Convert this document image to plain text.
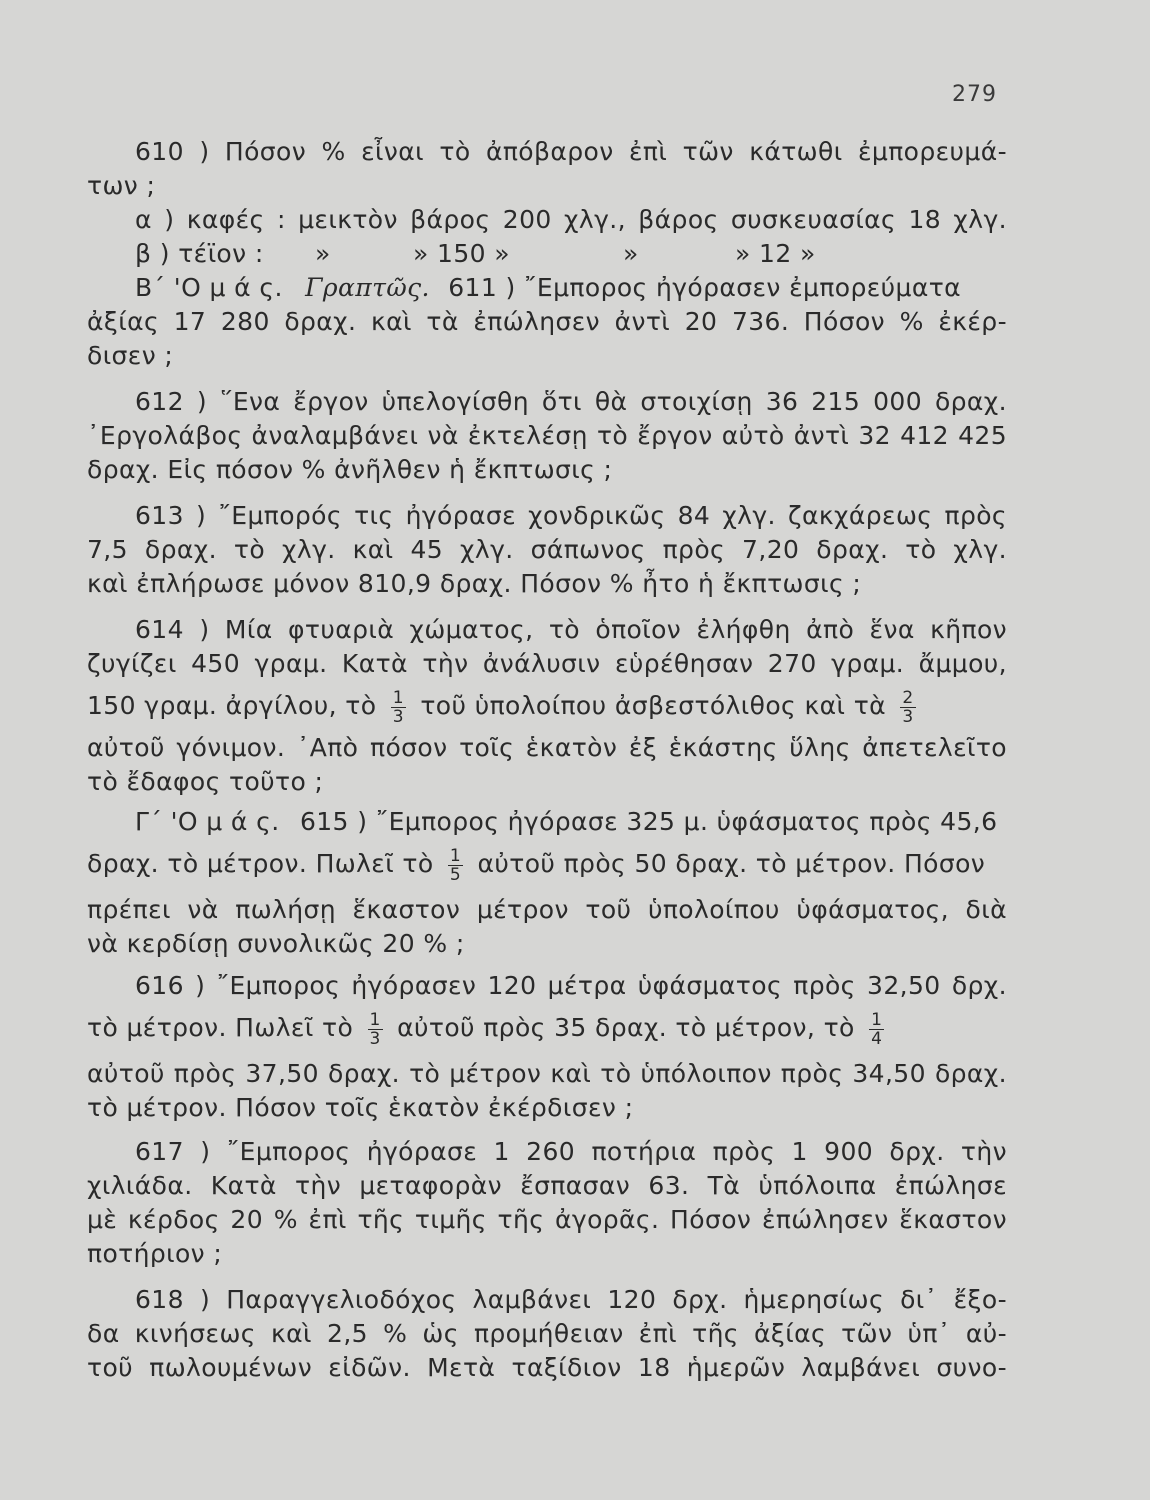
279
610 ) Πόσον % εἶναι τὸ ἀπόβαρον ἐπὶ τῶν κάτωθι ἐμπορευμά-
των ;
α ) καφές : μεικτὸν βάρος 200 χλγ., βάρος συσκευασίας 18 χλγ.
β ) τέϊον : »	» 150 »	»	» 12 »
Β΄ 'Ο μ ά ς. Γραπτῶς. 611 ) ῎Εμπορος ἠγόρασεν ἐμπορεύματα
ἀξίας 17 280 δραχ. καὶ τὰ ἐπώλησεν ἀντὶ 20 736. Πόσον % ἐκέρ-
δισεν ;
612 ) ῞Ενα ἔργον ὑπελογίσθη ὅτι θὰ στοιχίσῃ 36 215 000 δραχ.
᾽Εργολάβος ἀναλαμβάνει νὰ ἐκτελέσῃ τὸ ἔργον αὐτὸ ἀντὶ 32 412 425
δραχ. Εἰς πόσον % ἀνῆλθεν ἡ ἔκπτωσις ;
613 ) ῎Εμπορός τις ἠγόρασε χονδρικῶς 84 χλγ. ζακχάρεως πρὸς
7,5 δραχ. τὸ χλγ. καὶ 45 χλγ. σάπωνος πρὸς 7,20 δραχ. τὸ χλγ.
καὶ ἐπλήρωσε μόνον 810,9 δραχ. Πόσον % ἦτο ἡ ἔκπτωσις ;
614 ) Μία φτυαριὰ χώματος, τὸ ὁποῖον ἐλήφθη ἀπὸ ἕνα κῆπον
ζυγίζει 450 γραμ. Κατὰ τὴν ἀνάλυσιν εὑρέθησαν 270 γραμ. ἄμμου,
150 γραμ. ἀργίλου, τὸ $\frac{1}{3}$ τοῦ ὑπολοίπου ἀσβεστόλιθος καὶ τὰ $\frac{2}{3}$
αὐτοῦ γόνιμον. ᾽Απὸ πόσον τοῖς ἑκατὸν ἐξ ἑκάστης ὕλης ἀπετελεῖτο
τὸ ἔδαφος τοῦτο ;
Γ΄ 'Ο μ ά ς. 615 ) ῎Εμπορος ἠγόρασε 325 μ. ὑφάσματος πρὸς 45,6
δραχ. τὸ μέτρον. Πωλεῖ τὸ $\frac{1}{5}$ αὐτοῦ πρὸς 50 δραχ. τὸ μέτρον. Πόσον
πρέπει νὰ πωλήσῃ ἕκαστον μέτρον τοῦ ὑπολοίπου ὑφάσματος, διὰ
νὰ κερδίσῃ συνολικῶς 20 % ;
616 ) ῎Εμπορος ἠγόρασεν 120 μέτρα ὑφάσματος πρὸς 32,50 δρχ.
τὸ μέτρον. Πωλεῖ τὸ $\frac{1}{3}$ αὐτοῦ πρὸς 35 δραχ. τὸ μέτρον, τὸ $\frac{1}{4}$
αὐτοῦ πρὸς 37,50 δραχ. τὸ μέτρον καὶ τὸ ὑπόλοιπον πρὸς 34,50 δραχ.
τὸ μέτρον. Πόσον τοῖς ἑκατὸν ἐκέρδισεν ;
617 ) ῎Εμπορος ἠγόρασε 1 260 ποτήρια πρὸς 1 900 δρχ. τὴν
χιλιάδα. Κατὰ τὴν μεταφορὰν ἔσπασαν 63. Τὰ ὑπόλοιπα ἐπώλησε
μὲ κέρδος 20 % ἐπὶ τῆς τιμῆς τῆς ἀγορᾶς. Πόσον ἐπώλησεν ἕκαστον
ποτήριον ;
618 ) Παραγγελιοδόχος λαμβάνει 120 δρχ. ἡμερησίως δι᾽ ἔξο-
δα κινήσεως καὶ 2,5 % ὡς προμήθειαν ἐπὶ τῆς ἀξίας τῶν ὑπ᾽ αὐ-
τοῦ πωλουμένων εἰδῶν. Μετὰ ταξίδιον 18 ἡμερῶν λαμβάνει συνο-
